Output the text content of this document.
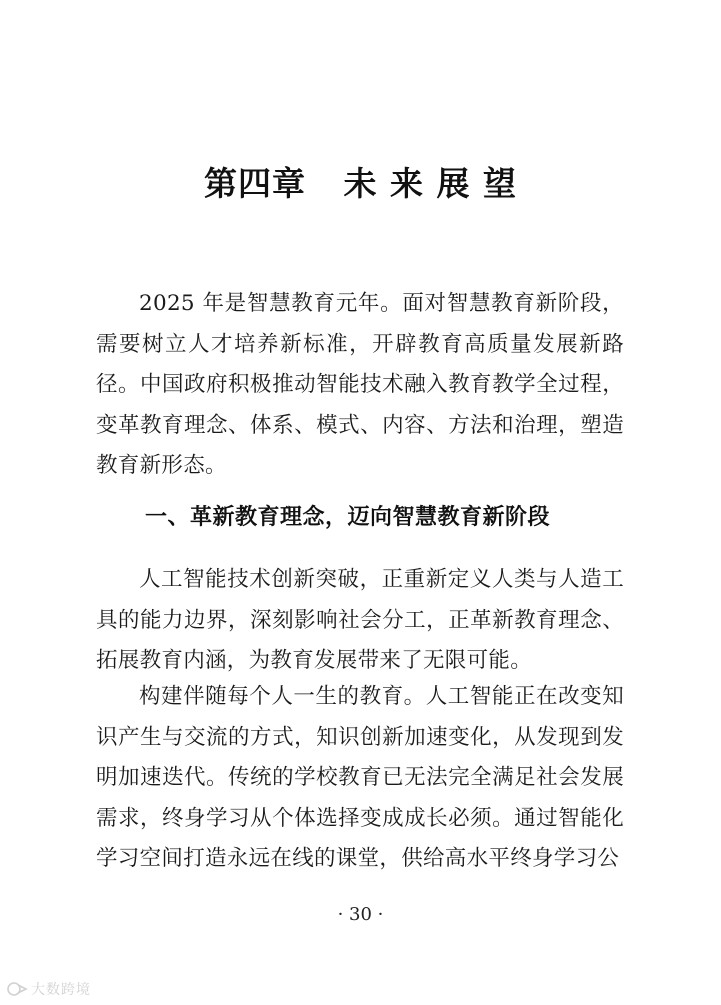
第四章   未 来 展 望

2025 年是智慧教育元年。面对智慧教育新阶段，需要树立人才培养新标准，开辟教育高质量发展新路径。中国政府积极推动智能技术融入教育教学全过程，变革教育理念、体系、模式、内容、方法和治理，塑造教育新形态。

一、革新教育理念，迈向智慧教育新阶段

人工智能技术创新突破，正重新定义人类与人造工具的能力边界，深刻影响社会分工，正革新教育理念、拓展教育内涵，为教育发展带来了无限可能。

构建伴随每个人一生的教育。人工智能正在改变知识产生与交流的方式，知识创新加速变化，从发现到发明加速迭代。传统的学校教育已无法完全满足社会发展需求，终身学习从个体选择变成成长必须。通过智能化学习空间打造永远在线的课堂，供给高水平终身学习公

· 30 ·
大数跨境
